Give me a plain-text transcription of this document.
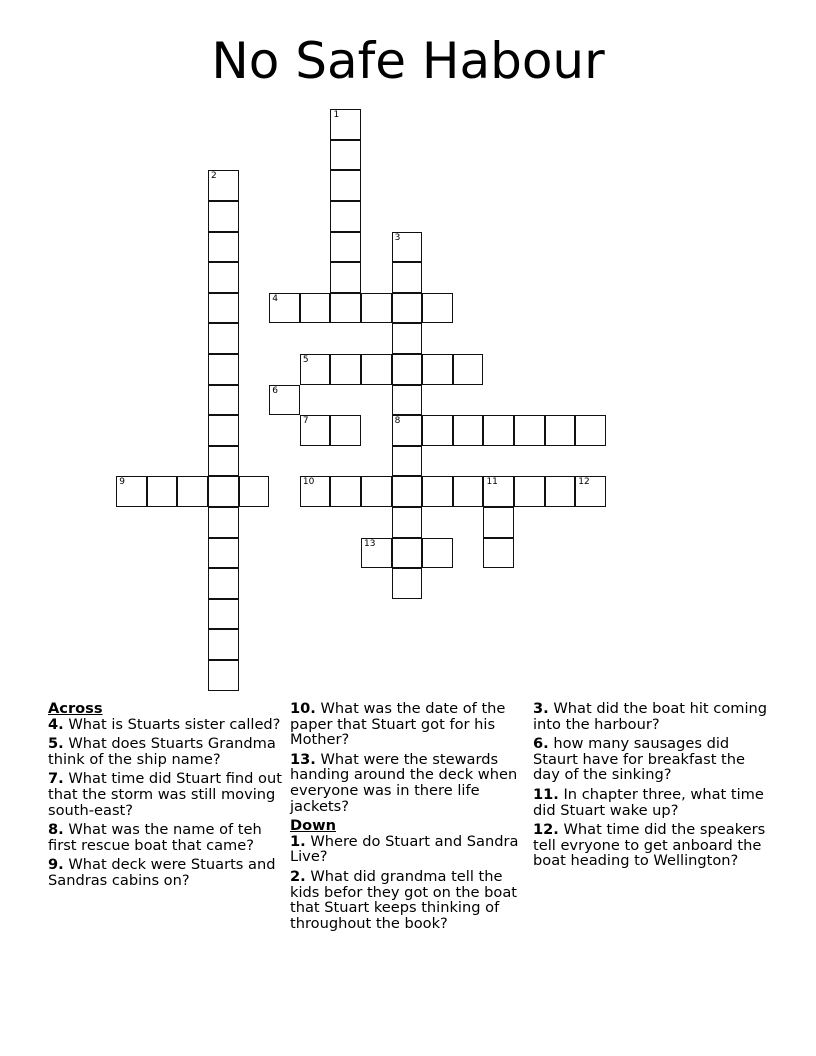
No Safe Habour
1
2
3
8
4
5
6
7
9	10	11	12
13
Across
4. What is Stuarts sister called?
5. What does Stuarts Grandma think of the ship name?
7. What time did Stuart find out that the storm was still moving south-east?
8. What was the name of teh first rescue boat that came?
9. What deck were Stuarts and Sandras cabins on?
10. What was the date of the paper that Stuart got for his Mother?
13. What were the stewards handing around the deck when everyone was in there life jackets?
Down
1. Where do Stuart and Sandra Live?
2. What did grandma tell the kids befor they got on the boat that Stuart keeps thinking of throughout the book?
3. What did the boat hit coming into the harbour?
6. how many sausages did Staurt have for breakfast the day of the sinking?
11. In chapter three, what time did Stuart wake up?
12. What time did the speakers tell evryone to get anboard the boat heading to Wellington?
